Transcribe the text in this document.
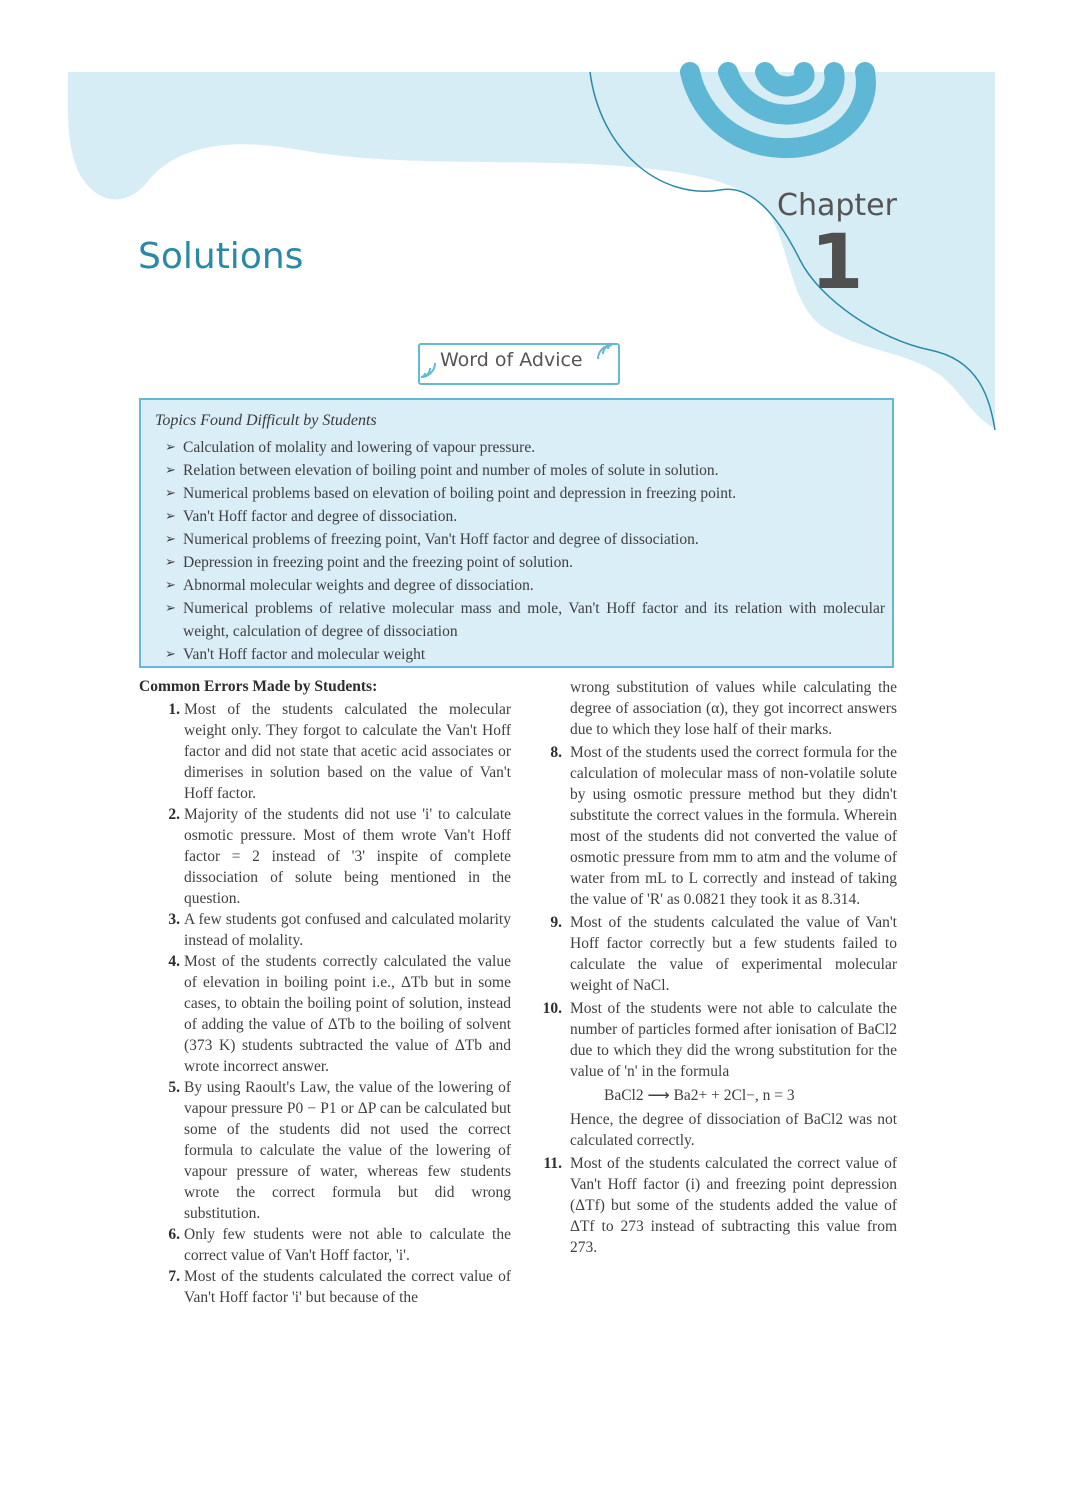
Chapter
1
Solutions
Word of Advice
Topics Found Difficult by Students
➢ Calculation of molality and lowering of vapour pressure.
➢ Relation between elevation of boiling point and number of moles of solute in solution.
➢ Numerical problems based on elevation of boiling point and depression in freezing point.
➢ Van't Hoff factor and degree of dissociation.
➢ Numerical problems of freezing point, Van't Hoff factor and degree of dissociation.
➢ Depression in freezing point and the freezing point of solution.
➢ Abnormal molecular weights and degree of dissociation.
➢ Numerical problems of relative molecular mass and mole, Van't Hoff factor and its relation with molecular weight, calculation of degree of dissociation
➢ Van't Hoff factor and molecular weight
Common Errors Made by Students:
1. Most of the students calculated the molecular weight only. They forgot to calculate the Van't Hoff factor and did not state that acetic acid associates or dimerises in solution based on the value of Van't Hoff factor.
2. Majority of the students did not use 'i' to calculate osmotic pressure. Most of them wrote Van't Hoff factor = 2 instead of '3' inspite of complete dissociation of solute being mentioned in the question.
3. A few students got confused and calculated molarity instead of molality.
4. Most of the students correctly calculated the value of elevation in boiling point i.e., ΔTb but in some cases, to obtain the boiling point of solution, instead of adding the value of ΔTb to the boiling of solvent (373 K) students subtracted the value of ΔTb and wrote incorrect answer.
5. By using Raoult's Law, the value of the lowering of vapour pressure P0 − P1 or ΔP can be calculated but some of the students did not used the correct formula to calculate the value of the lowering of vapour pressure of water, whereas few students wrote the correct formula but did wrong substitution.
6. Only few students were not able to calculate the correct value of Van't Hoff factor, 'i'.
7. Most of the students calculated the correct value of Van't Hoff factor 'i' but because of the
wrong substitution of values while calculating the degree of association (α), they got incorrect answers due to which they lose half of their marks.
8. Most of the students used the correct formula for the calculation of molecular mass of non-volatile solute by using osmotic pressure method but they didn't substitute the correct values in the formula. Wherein most of the students did not converted the value of osmotic pressure from mm to atm and the volume of water from mL to L correctly and instead of taking the value of 'R' as 0.0821 they took it as 8.314.
9. Most of the students calculated the value of Van't Hoff factor correctly but a few students failed to calculate the value of experimental molecular weight of NaCl.
10. Most of the students were not able to calculate the number of particles formed after ionisation of BaCl2 due to which they did the wrong substitution for the value of 'n' in the formula
BaCl2 ⟶ Ba2+ + 2Cl−, n = 3
Hence, the degree of dissociation of BaCl2 was not calculated correctly.
11. Most of the students calculated the correct value of Van't Hoff factor (i) and freezing point depression (ΔTf) but some of the students added the value of ΔTf to 273 instead of subtracting this value from 273.
